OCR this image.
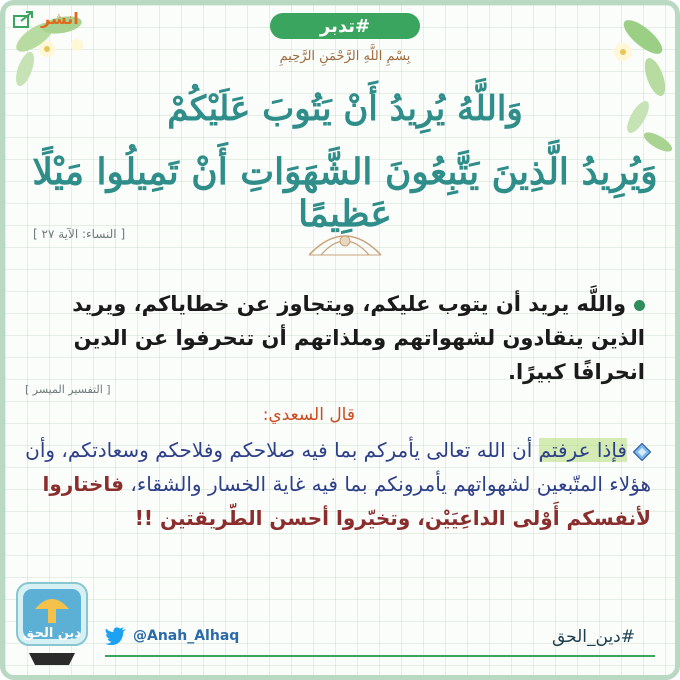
انشر	#تدبر
بِسْمِ اللَّهِ الرَّحْمَنِ الرَّحِيمِ
وَاللَّهُ يُرِيدُ أَنْ يَتُوبَ عَلَيْكُمْ
وَيُرِيدُ الَّذِينَ يَتَّبِعُونَ الشَّهَوَاتِ أَنْ تَمِيلُوا مَيْلًا عَظِيمًا
[ النساء: الآية ٢٧ ]
واللَّه يريد أن يتوب عليكم، ويتجاوز عن خطاياكم، ويريد الذين ينقادون لشهواتهم وملذاتهم أن تنحرفوا عن الدين انحرافًا كبيرًا.
[ التفسير الميسر ]
قال السعدي:
فإذا عرفتم أن الله تعالى يأمركم بما فيه صلاحكم وفلاحكم وسعادتكم، وأن هؤلاء المتّبعين لشهواتهم يأمرونكم بما فيه غاية الخسار والشقاء، فاختاروا لأنفسكم أَوْلى الداعِيَيْن، وتخيّروا أحسن الطّريقتين !!
دين الحق	@Anah_Alhaq	#دين_الحق
